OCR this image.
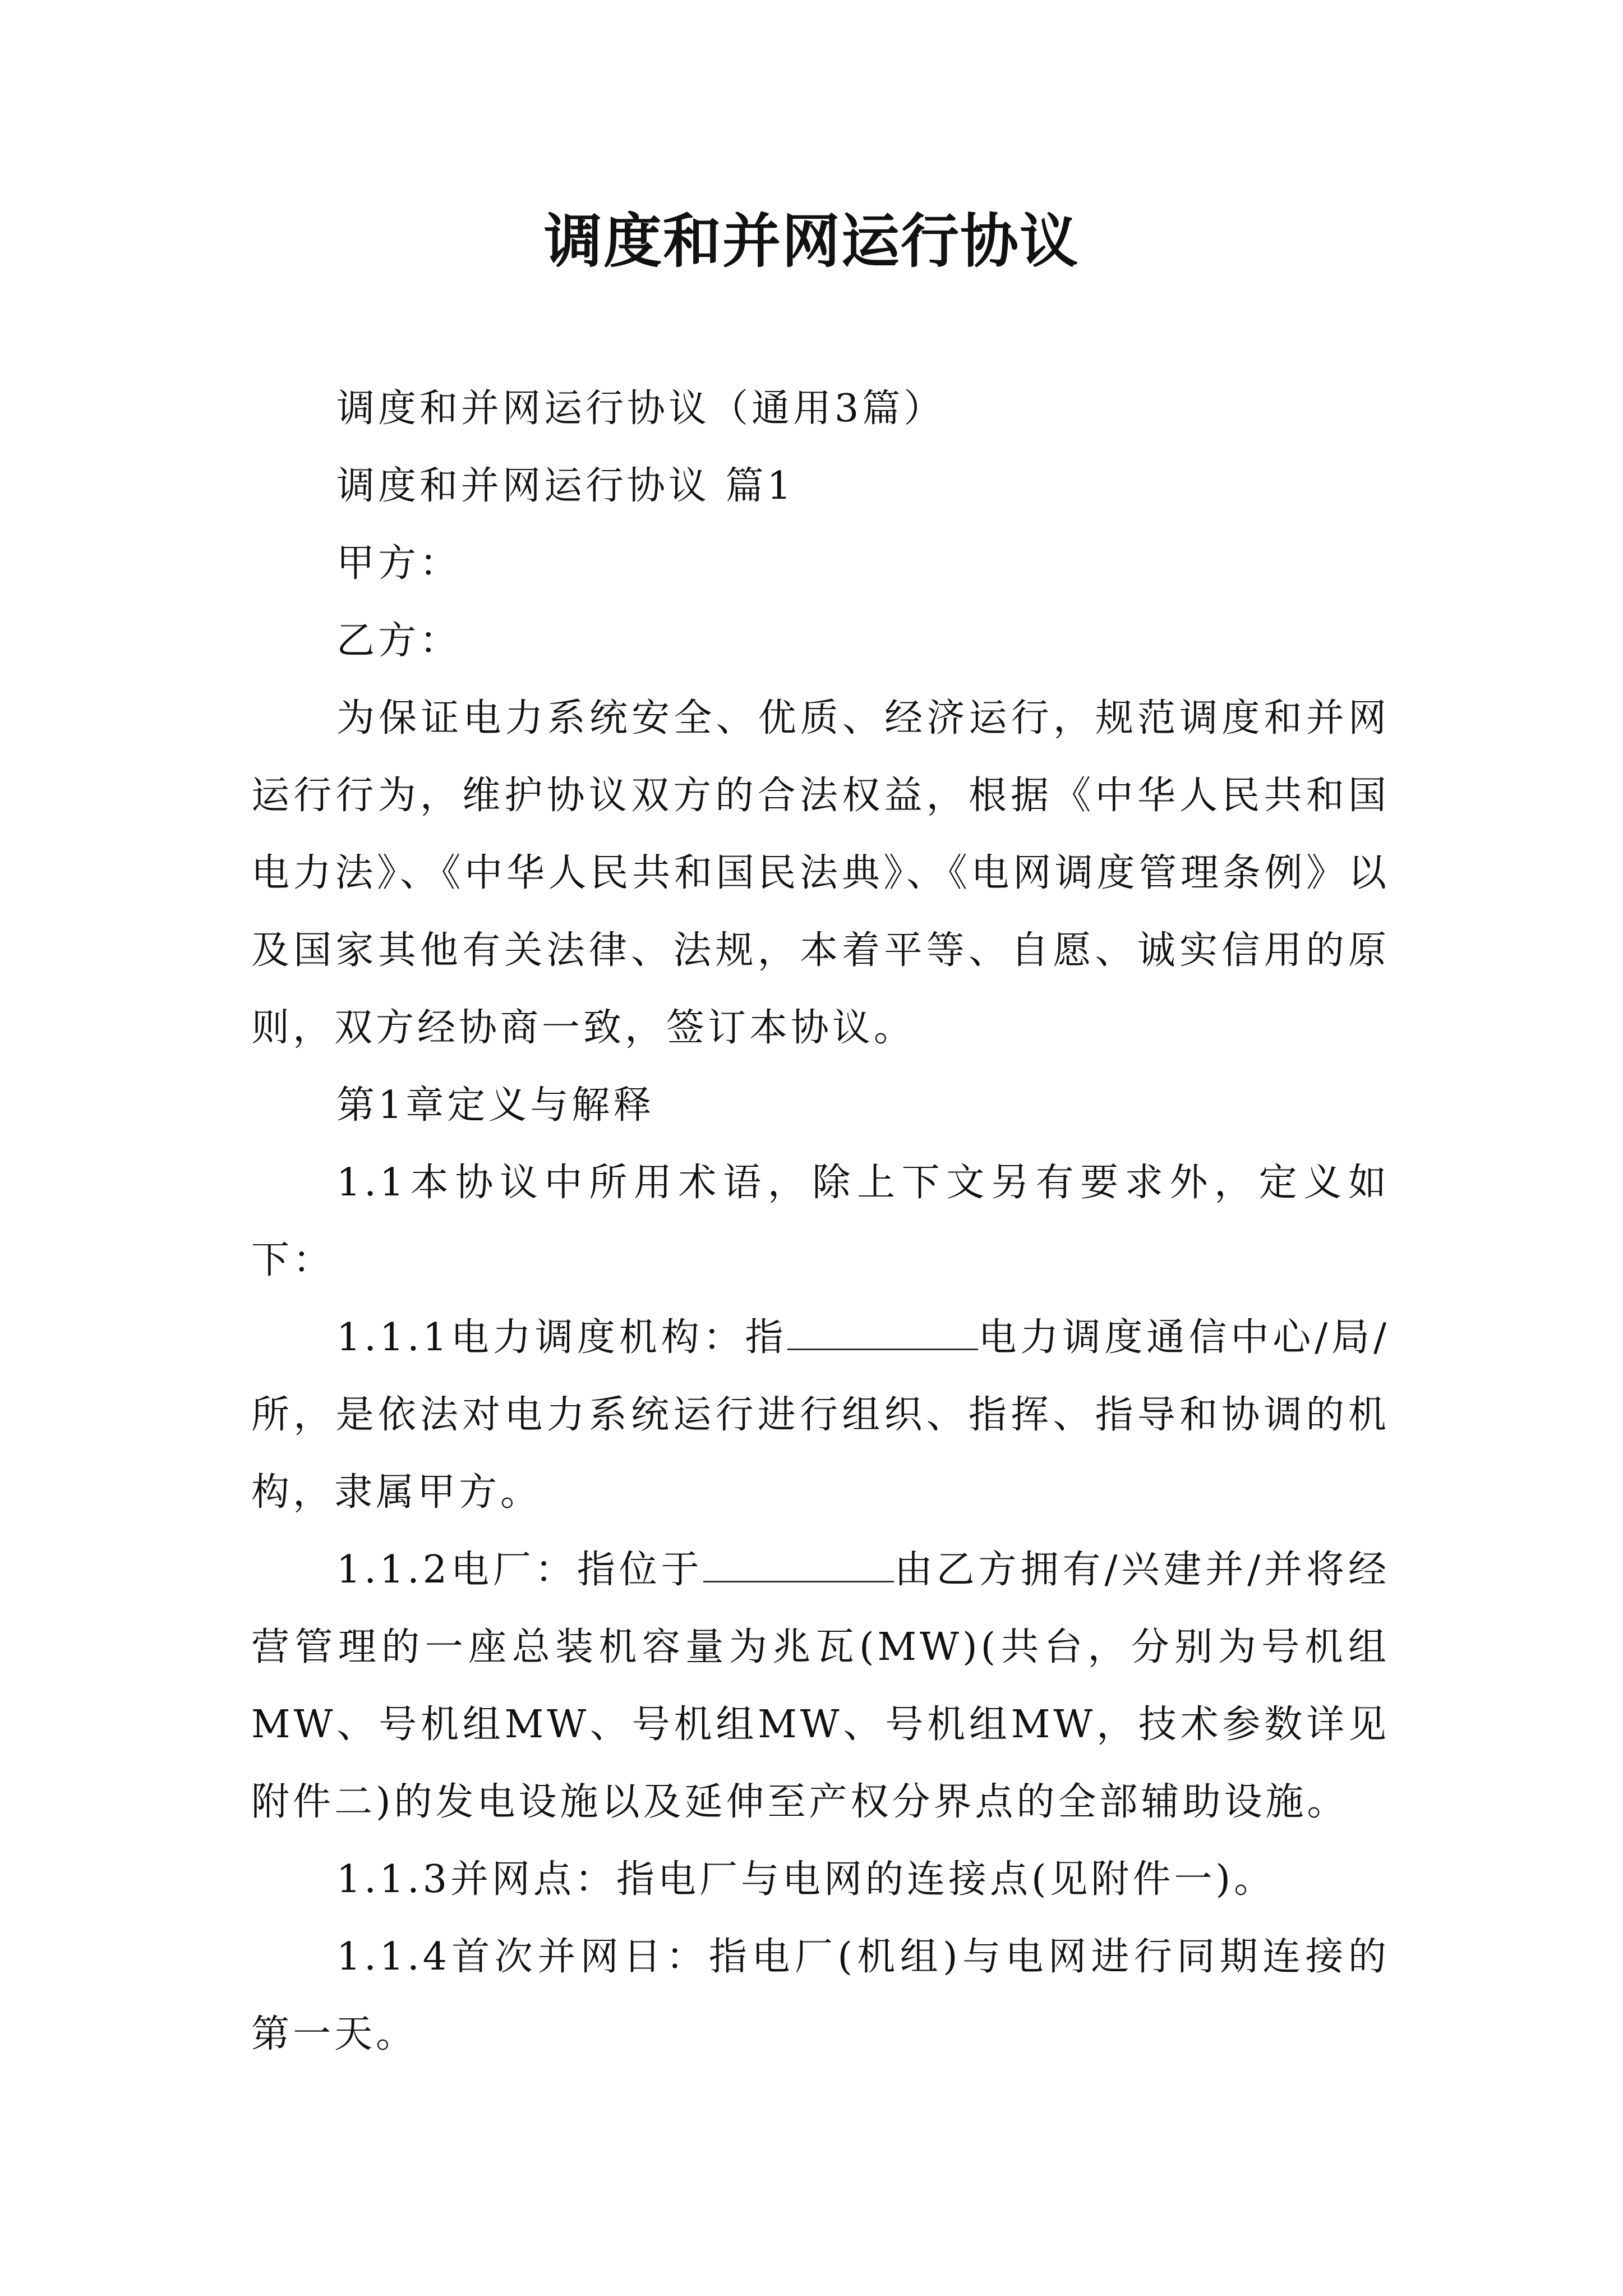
调度和并网运行协议

调度和并网运行协议（通用3篇）

调度和并网运行协议 篇1

甲方：

乙方：

为保证电力系统安全、优质、经济运行，规范调度和并网运行行为，维护协议双方的合法权益，根据《中华人民共和国电力法》、《中华人民共和国民法典》、《电网调度管理条例》以及国家其他有关法律、法规，本着平等、自愿、诚实信用的原则，双方经协商一致，签订本协议。

第1章定义与解释

1.1本协议中所用术语，除上下文另有要求外，定义如下：

1.1.1电力调度机构：指	电力调度通信中心/局/所，是依法对电力系统运行进行组织、指挥、指导和协调的机构，隶属甲方。

1.1.2电厂：指位于	由乙方拥有/兴建并/并将经营管理的一座总装机容量为兆瓦(MW)(共台，分别为号机组MW、号机组MW、号机组MW、号机组MW，技术参数详见附件二)的发电设施以及延伸至产权分界点的全部辅助设施。

1.1.3并网点：指电厂与电网的连接点(见附件一)。

1.1.4首次并网日：指电厂(机组)与电网进行同期连接的第一天。
